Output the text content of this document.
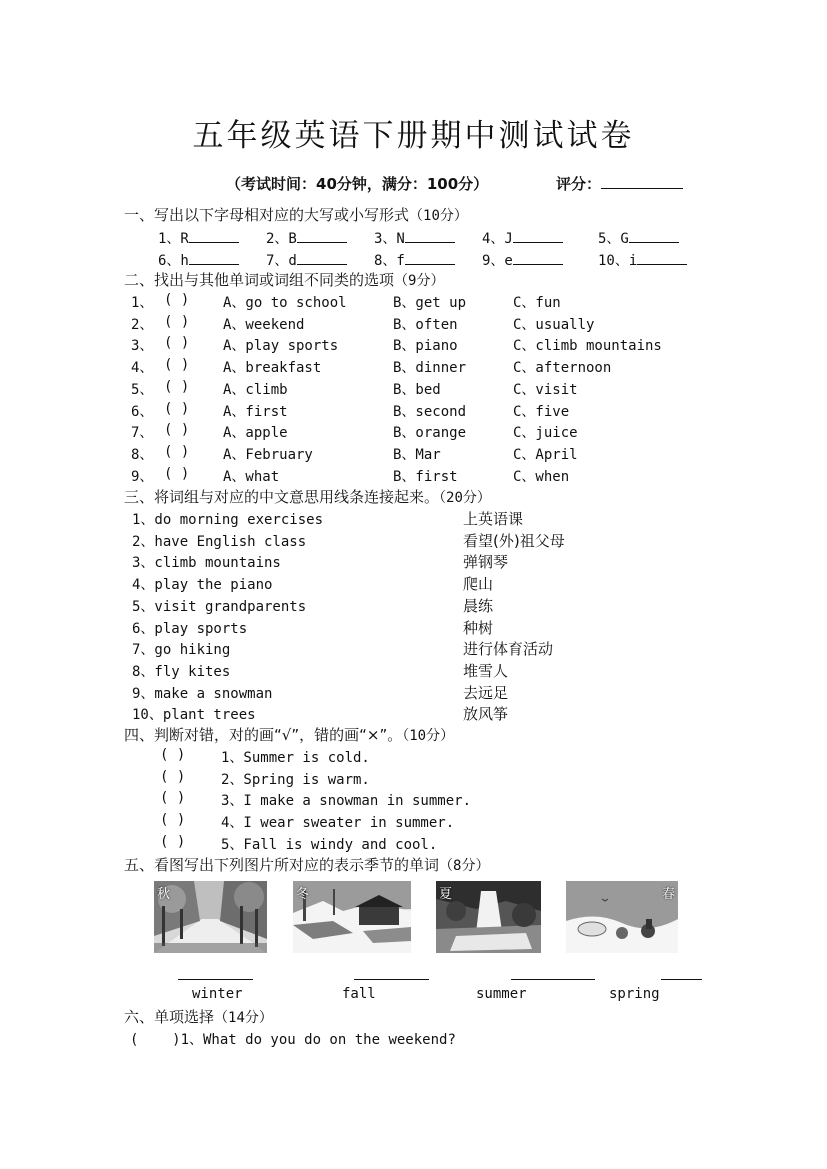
五年级英语下册期中测试试卷
（考试时间：40分钟，满分：100分）	评分：
一、写出以下字母相对应的大写或小写形式（10分）
1、R	2、B	3、N	4、J	5、G
6、h	7、d	8、f	9、e	10、i
二、找出与其他单词或词组不同类的选项（9分）
1、 ( ) A、go to school	B、get up	C、fun
2、 ( ) A、weekend	B、often	C、usually
3、 ( ) A、play sports	B、piano	C、climb mountains
4、 ( ) A、breakfast	B、dinner	C、afternoon
5、 ( ) A、climb	B、bed	C、visit
6、 ( ) A、first	B、second	C、five
7、 ( ) A、apple	B、orange	C、juice
8、 ( ) A、February	B、Mar	C、April
9、 ( ) A、what	B、first	C、when
三、将词组与对应的中文意思用线条连接起来。（20分）
1、do morning exercises	上英语课
2、have English class	看望(外)祖父母
3、climb mountains	弹钢琴
4、play the piano	爬山
5、visit grandparents	晨练
6、play sports	种树
7、go hiking	进行体育活动
8、fly kites	堆雪人
9、make a snowman	去远足
10、plant trees	放风筝
四、判断对错，对的画“√”，错的画“×”。（10分）
( )	1、Summer is cold.
( )	2、Spring is warm.
( )	3、I make a snowman in summer.
( )	4、I wear sweater in summer.
( )	5、Fall is windy and cool.
五、看图写出下列图片所对应的表示季节的单词（8分）
秋	冬	夏	春
winter	fall	summer	spring
六、单项选择（14分）
(    )1、What do you do on the weekend?
